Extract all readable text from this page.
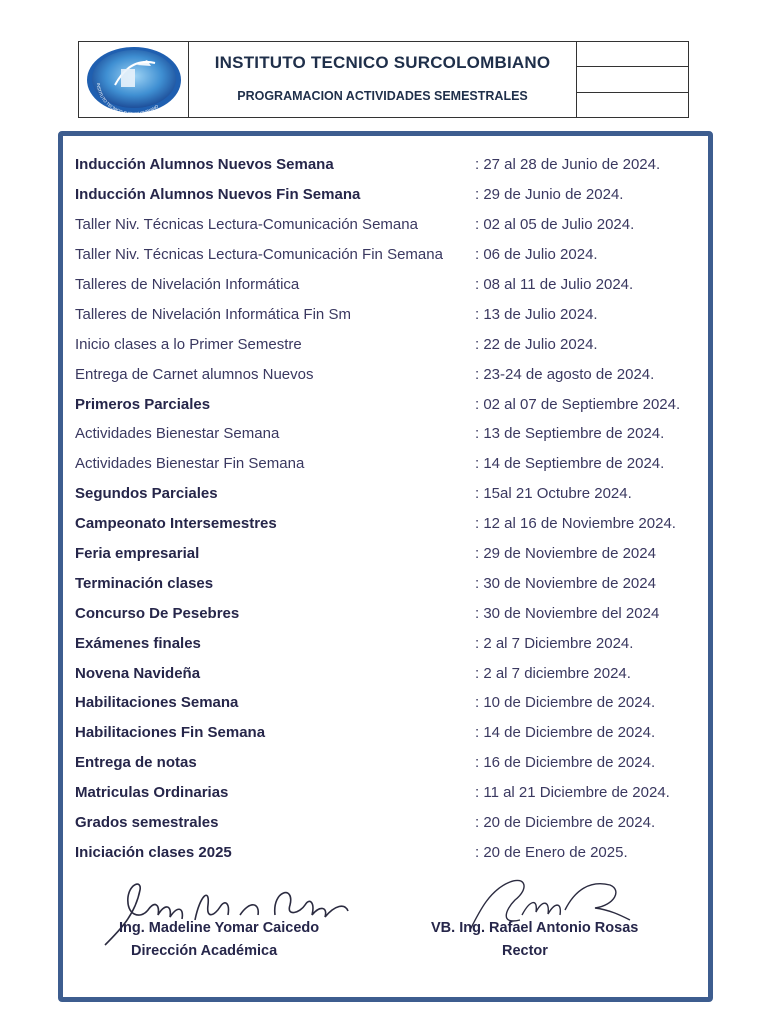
INSTITUTO TECNICO SURCOLOMBIANO
INSTITUTO TECNICO SURCOLOMBIANO
PROGRAMACION ACTIVIDADES SEMESTRALES
Inducción Alumnos Nuevos Semana	: 27 al 28 de Junio de 2024.
Inducción Alumnos Nuevos Fin Semana	: 29 de Junio de 2024.
Taller Niv. Técnicas Lectura-Comunicación Semana	: 02 al 05 de Julio 2024.
Taller Niv. Técnicas Lectura-Comunicación Fin Semana	: 06 de Julio 2024.
Talleres de Nivelación Informática	: 08 al 11 de Julio 2024.
Talleres de Nivelación Informática Fin Sm	: 13 de Julio 2024.
Inicio clases a lo Primer Semestre	: 22 de Julio 2024.
Entrega de Carnet alumnos Nuevos	: 23-24 de agosto de 2024.
Primeros Parciales	: 02 al 07 de Septiembre 2024.
Actividades Bienestar Semana	: 13 de Septiembre de 2024.
Actividades Bienestar Fin Semana	: 14 de Septiembre de 2024.
Segundos Parciales	: 15al 21 Octubre 2024.
Campeonato Intersemestres	: 12 al 16 de Noviembre 2024.
Feria empresarial	: 29 de Noviembre de 2024
Terminación clases	: 30 de Noviembre de 2024
Concurso De Pesebres	: 30 de Noviembre del 2024
Exámenes finales	: 2 al 7 Diciembre 2024.
Novena Navideña	: 2 al 7 diciembre 2024.
Habilitaciones Semana	: 10 de Diciembre de 2024.
Habilitaciones Fin Semana	: 14 de Diciembre de 2024.
Entrega de notas	: 16 de Diciembre de 2024.
Matriculas Ordinarias	: 11 al 21 Diciembre de 2024.
Grados semestrales	: 20 de Diciembre de 2024.
Iniciación clases 2025	: 20 de Enero de 2025.
Ing. Madeline Yomar Caicedo
Dirección Académica
VB. Ing. Rafael Antonio Rosas
Rector
